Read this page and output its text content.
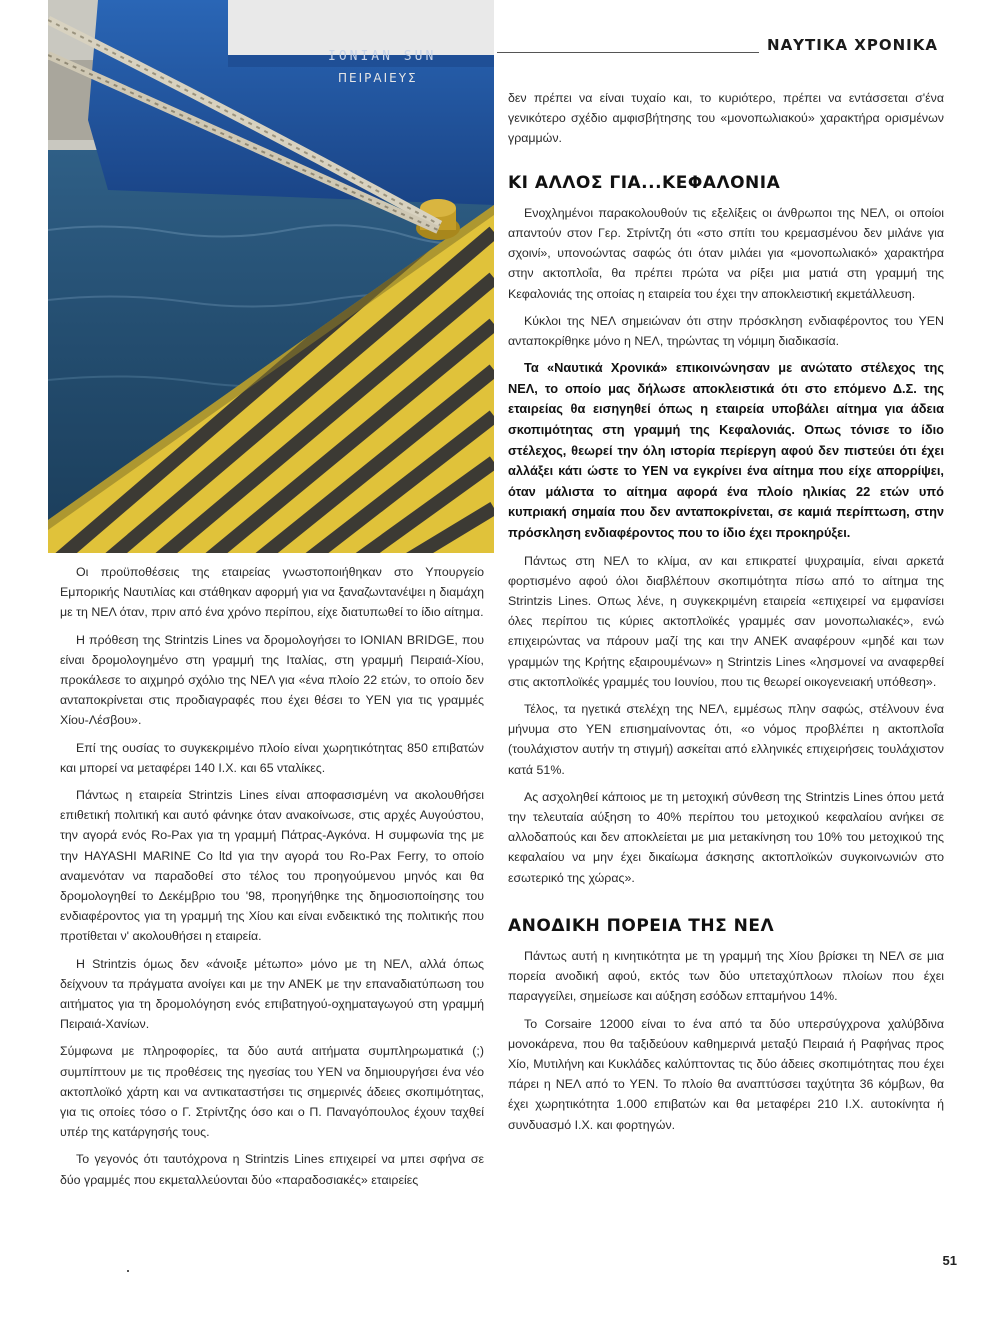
IONIAN SUN
ΠΕΙΡΑΙΕΥΣ
ΝΑΥΤΙΚΑ ΧΡΟΝΙΚΑ

Οι προϋποθέσεις της εταιρείας γνωστοποιήθηκαν στο Υπουργείο Εμπορικής Ναυτιλίας και στάθηκαν αφορμή για να ξαναζωντανέψει η διαμάχη με τη ΝΕΛ όταν, πριν από ένα χρόνο περίπου, είχε διατυπωθεί το ίδιο αίτημα.

Η πρόθεση της Strintzis Lines να δρομολογήσει το IONIAN BRIDGE, που είναι δρομολογημένο στη γραμμή της Ιταλίας, στη γραμμή Πειραιά-Χίου, προκάλεσε το αιχμηρό σχόλιο της ΝΕΛ για «ένα πλοίο 22 ετών, το οποίο δεν ανταποκρίνεται στις προδιαγραφές που έχει θέσει το ΥΕΝ για τις γραμμές Χίου-Λέσβου».

Επί της ουσίας το συγκεκριμένο πλοίο είναι χωρητικότητας 850 επιβατών και μπορεί να μεταφέρει 140 Ι.Χ. και 65 νταλίκες.

Πάντως η εταιρεία Strintzis Lines είναι αποφασισμένη να ακολουθήσει επιθετική πολιτική και αυτό φάνηκε όταν ανακοίνωσε, στις αρχές Αυγούστου, την αγορά ενός Ro-Pax για τη γραμμή Πάτρας-Αγκόνα. Η συμφωνία της με την HAYASHI MARINE Co ltd για την αγορά του Ro-Pax Ferry, το οποίο αναμενόταν να παραδοθεί στο τέλος του προηγούμενου μηνός και θα δρομολογηθεί το Δεκέμβριο του '98, προηγήθηκε της δημοσιοποίησης του ενδιαφέροντος για τη γραμμή της Χίου και είναι ενδεικτικό της πολιτικής που προτίθεται ν' ακολουθήσει η εταιρεία.

Η Strintzis όμως δεν «άνοιξε μέτωπο» μόνο με τη ΝΕΛ, αλλά όπως δείχνουν τα πράγματα ανοίγει και με την ΑΝΕΚ με την επαναδιατύπωση του αιτήματος για τη δρομολόγηση ενός επιβατηγού-οχηματαγωγού στη γραμμή Πειραιά-Χανίων.

Σύμφωνα με πληροφορίες, τα δύο αυτά αιτήματα συμπληρωματικά (;) συμπίπτουν με τις προθέσεις της ηγεσίας του ΥΕΝ να δημιουργήσει ένα νέο ακτοπλοϊκό χάρτη και να αντικαταστήσει τις σημερινές άδειες σκοπιμότητας, για τις οποίες τόσο ο Γ. Στρίντζης όσο και ο Π. Παναγόπουλος έχουν ταχθεί υπέρ της κατάργησής τους.

Το γεγονός ότι ταυτόχρονα η Strintzis Lines επιχειρεί να μπει σφήνα σε δύο γραμμές που εκμεταλλεύονται δύο «παραδοσιακές» εταιρείες

δεν πρέπει να είναι τυχαίο και, το κυριότερο, πρέπει να εντάσσεται σ'ένα γενικότερο σχέδιο αμφισβήτησης του «μονοπωλιακού» χαρακτήρα ορισμένων γραμμών.

ΚΙ ΑΛΛΟΣ ΓΙΑ...ΚΕΦΑΛΟΝΙΑ

Ενοχλημένοι παρακολουθούν τις εξελίξεις οι άνθρωποι της ΝΕΛ, οι οποίοι απαντούν στον Γερ. Στρίντζη ότι «στο σπίτι του κρεμασμένου δεν μιλάνε για σχοινί», υπονοώντας σαφώς ότι όταν μιλάει για «μονοπωλιακό» χαρακτήρα στην ακτοπλοΐα, θα πρέπει πρώτα να ρίξει μια ματιά στη γραμμή της Κεφαλονιάς της οποίας η εταιρεία του έχει την αποκλειστική εκμετάλλευση.

Κύκλοι της ΝΕΛ σημειώναν ότι στην πρόσκληση ενδιαφέροντος του ΥΕΝ ανταποκρίθηκε μόνο η ΝΕΛ, τηρώντας τη νόμιμη διαδικασία.

Τα «Ναυτικά Χρονικά» επικοινώνησαν με ανώτατο στέλεχος της ΝΕΛ, το οποίο μας δήλωσε αποκλειστικά ότι στο επόμενο Δ.Σ. της εταιρείας θα εισηγηθεί όπως η εταιρεία υποβάλει αίτημα για άδεια σκοπιμότητας στη γραμμή της Κεφαλονιάς. Οπως τόνισε το ίδιο στέλεχος, θεωρεί την όλη ιστορία περίεργη αφού δεν πιστεύει ότι έχει αλλάξει κάτι ώστε το ΥΕΝ να εγκρίνει ένα αίτημα που είχε απορρίψει, όταν μάλιστα το αίτημα αφορά ένα πλοίο ηλικίας 22 ετών υπό κυπριακή σημαία που δεν ανταποκρίνεται, σε καμιά περίπτωση, στην πρόσκληση ενδιαφέροντος που το ίδιο έχει προκηρύξει.

Πάντως στη ΝΕΛ το κλίμα, αν και επικρατεί ψυχραιμία, είναι αρκετά φορτισμένο αφού όλοι διαβλέπουν σκοπιμότητα πίσω από το αίτημα της Strintzis Lines. Οπως λένε, η συγκεκριμένη εταιρεία «επιχειρεί να εμφανίσει όλες περίπου τις κύριες ακτοπλοϊκές γραμμές σαν μονοπωλιακές», ενώ επιχειρώντας να πάρουν μαζί της και την ΑΝΕΚ αναφέρουν «μηδέ και των γραμμών της Κρήτης εξαιρουμένων» η Strintzis Lines «λησμονεί να αναφερθεί στις ακτοπλοϊκές γραμμές του Ιουνίου, που τις θεωρεί οικογενειακή υπόθεση».

Τέλος, τα ηγετικά στελέχη της ΝΕΛ, εμμέσως πλην σαφώς, στέλνουν ένα μήνυμα στο ΥΕΝ επισημαίνοντας ότι, «ο νόμος προβλέπει η ακτοπλοΐα (τουλάχιστον αυτήν τη στιγμή) ασκείται από ελληνικές επιχειρήσεις τουλάχιστον κατά 51%.

Ας ασχοληθεί κάποιος με τη μετοχική σύνθεση της Strintzis Lines όπου μετά την τελευταία αύξηση το 40% περίπου του μετοχικού κεφαλαίου ανήκει σε αλλοδαπούς και δεν αποκλείεται με μια μετακίνηση του 10% του μετοχικού της κεφαλαίου να μην έχει δικαίωμα άσκησης ακτοπλοϊκών συγκοινωνιών στο εσωτερικό της χώρας».

ΑΝΟΔΙΚΗ ΠΟΡΕΙΑ ΤΗΣ ΝΕΛ

Πάντως αυτή η κινητικότητα με τη γραμμή της Χίου βρίσκει τη ΝΕΛ σε μια πορεία ανοδική αφού, εκτός των δύο υπεταχύπλοων πλοίων που έχει παραγγείλει, σημείωσε και αύξηση εσόδων επταμήνου 14%.

Το Corsaire 12000 είναι το ένα από τα δύο υπερσύγχρονα χαλύβδινα μονοκάρενα, που θα ταξιδεύουν καθημερινά μεταξύ Πειραιά ή Ραφήνας προς Χίο, Μυτιλήνη και Κυκλάδες καλύπτοντας τις δύο άδειες σκοπιμότητας που έχει πάρει η ΝΕΛ από το ΥΕΝ. Το πλοίο θα αναπτύσσει ταχύτητα 36 κόμβων, θα έχει χωρητικότητα 1.000 επιβατών και θα μεταφέρει 210 Ι.Χ. αυτοκίνητα ή συνδυασμό Ι.Χ. και φορτηγών.

51
